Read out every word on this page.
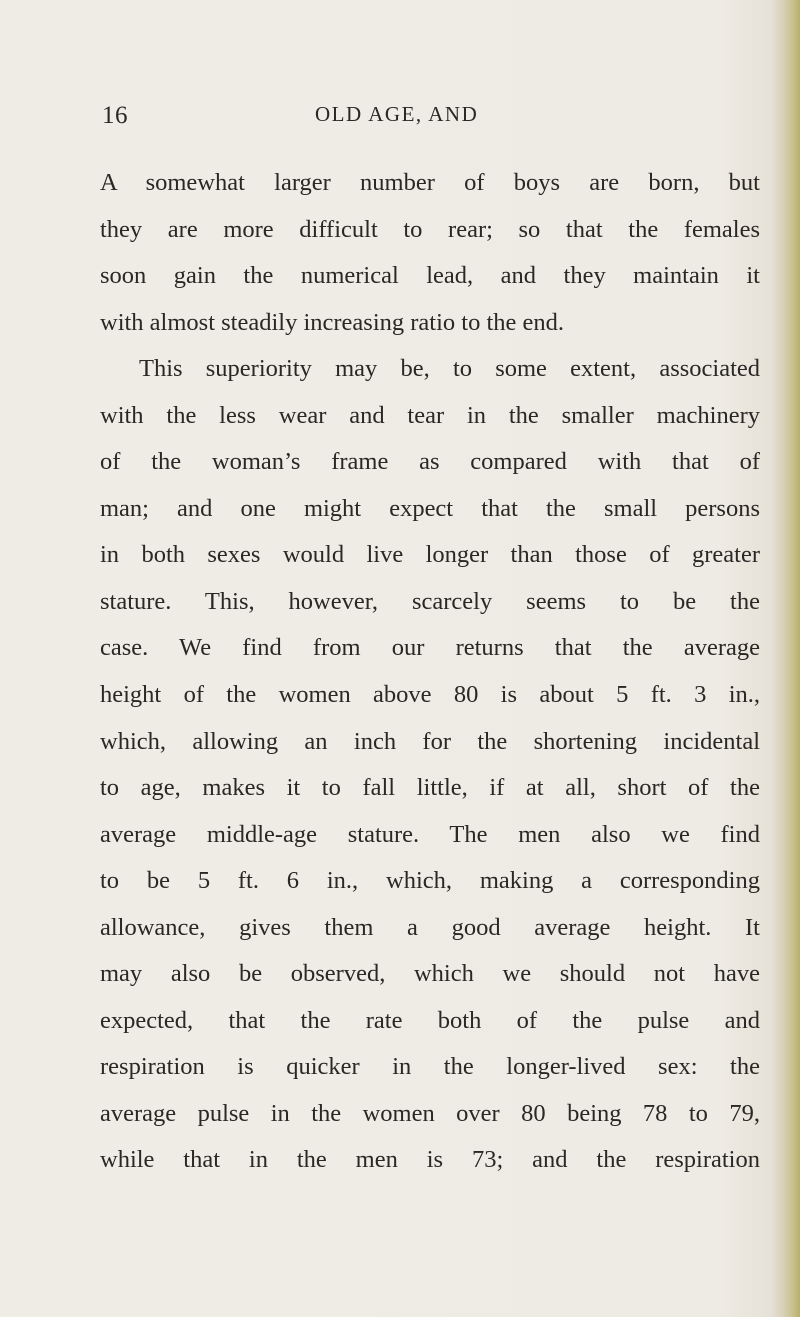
16	OLD AGE, AND
A somewhat larger number of boys are born, but
they are more difficult to rear; so that the females
soon gain the numerical lead, and they maintain it
with almost steadily increasing ratio to the end.
This superiority may be, to some extent, associated
with the less wear and tear in the smaller machinery
of the woman’s frame as compared with that of
man; and one might expect that the small persons
in both sexes would live longer than those of greater
stature. This, however, scarcely seems to be the
case. We find from our returns that the average
height of the women above 80 is about 5 ft. 3 in.,
which, allowing an inch for the shortening incidental
to age, makes it to fall little, if at all, short of the
average middle-age stature. The men also we find
to be 5 ft. 6 in., which, making a corresponding
allowance, gives them a good average height. It
may also be observed, which we should not have
expected, that the rate both of the pulse and
respiration is quicker in the longer-lived sex: the
average pulse in the women over 80 being 78 to 79,
while that in the men is 73; and the respiration
